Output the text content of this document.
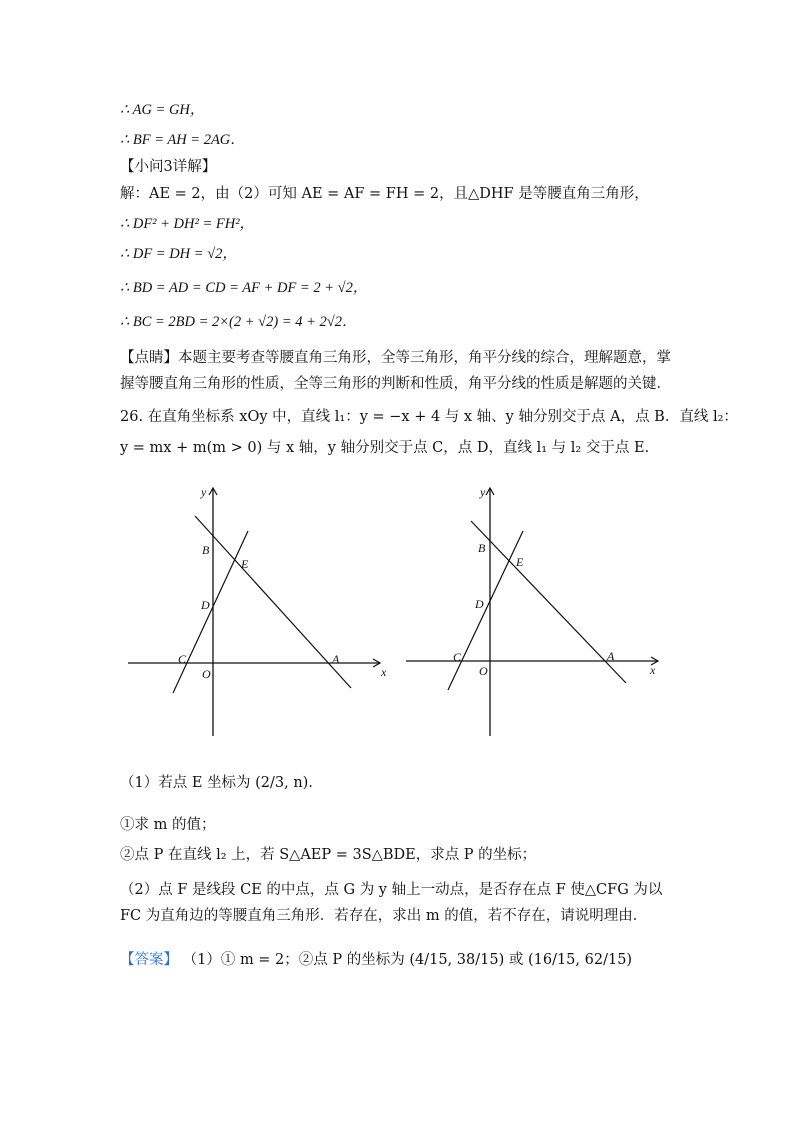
∴ AG = GH，
∴ BF = AH = 2AG．
【小问3详解】
解：AE = 2，由（2）可知 AE = AF = FH = 2，且△DHF 是等腰直角三角形，
∴ DF² + DH² = FH²，
∴ DF = DH = √2，
∴ BD = AD = CD = AF + DF = 2 + √2，
∴ BC = 2BD = 2×(2 + √2) = 4 + 2√2．
【点睛】本题主要考查等腰直角三角形，全等三角形，角平分线的综合，理解题意，掌握等腰直角三角形的性质，全等三角形的判断和性质，角平分线的性质是解题的关键．
26. 在直角坐标系 xOy 中，直线 l₁：y = −x + 4 与 x 轴、y 轴分别交于点 A，点 B．直线 l₂：
y = mx + m(m > 0) 与 x 轴，y 轴分别交于点 C，点 D，直线 l₁ 与 l₂ 交于点 E.
x
y
O
A
B
C
D
E
x
y
O
A
B
C
D
E
（1）若点 E 坐标为 (2/3, n)．
①求 m 的值；
②点 P 在直线 l₂ 上，若 S△AEP = 3S△BDE，求点 P 的坐标；
（2）点 F 是线段 CE 的中点，点 G 为 y 轴上一动点，是否存在点 F 使△CFG 为以 FC 为直角边的等腰直角三角形．若存在，求出 m 的值，若不存在，请说明理由．
【答案】 （1）① m = 2；②点 P 的坐标为 (4/15, 38/15) 或 (16/15, 62/15)
